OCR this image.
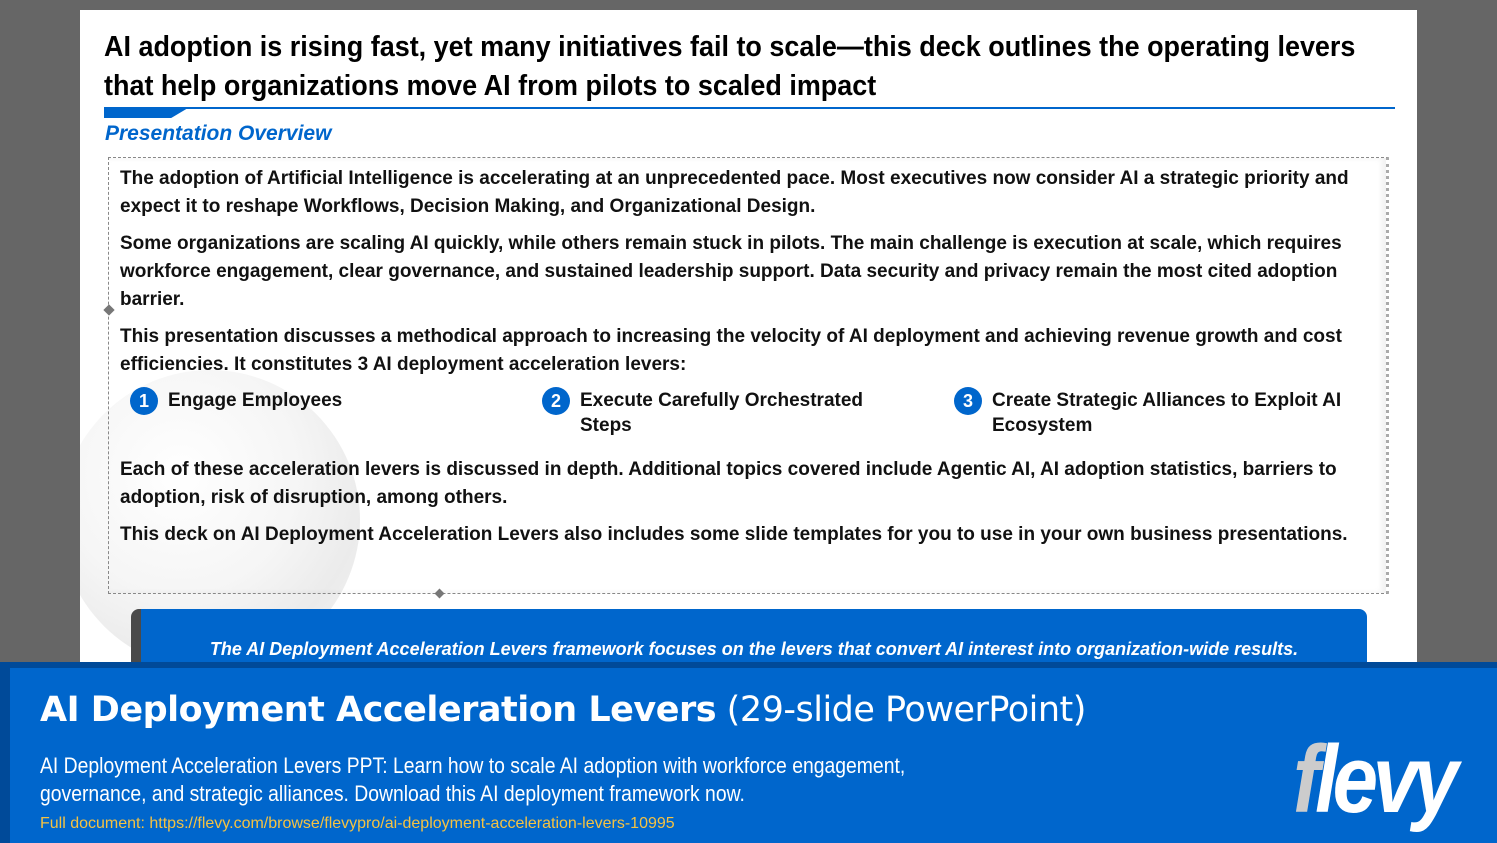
AI adoption is rising fast, yet many initiatives fail to scale—this deck outlines the operating levers
that help organizations move AI from pilots to scaled impact
Presentation Overview

The adoption of Artificial Intelligence is accelerating at an unprecedented pace. Most executives now consider AI a strategic priority and expect it to reshape Workflows, Decision Making, and Organizational Design.

Some organizations are scaling AI quickly, while others remain stuck in pilots. The main challenge is execution at scale, which requires workforce engagement, clear governance, and sustained leadership support. Data security and privacy remain the most cited adoption barrier.

This presentation discusses a methodical approach to increasing the velocity of AI deployment and achieving revenue growth and cost efficiencies. It constitutes 3 AI deployment acceleration levers:

1	Engage Employees	2	Execute Carefully Orchestrated Steps
3	Create Strategic Alliances to Exploit AI Ecosystem

Each of these acceleration levers is discussed in depth. Additional topics covered include Agentic AI, AI adoption statistics, barriers to adoption, risk of disruption, among others.

This deck on AI Deployment Acceleration Levers also includes some slide templates for you to use in your own business presentations.

The AI Deployment Acceleration Levers framework focuses on the levers that convert AI interest into organization-wide results.
AI Deployment Acceleration Levers (29-slide PowerPoint)
AI Deployment Acceleration Levers PPT: Learn how to scale AI adoption with workforce engagement, governance, and strategic alliances. Download this AI deployment framework now.
Full document: https://flevy.com/browse/flevypro/ai-deployment-acceleration-levers-10995	flevy
